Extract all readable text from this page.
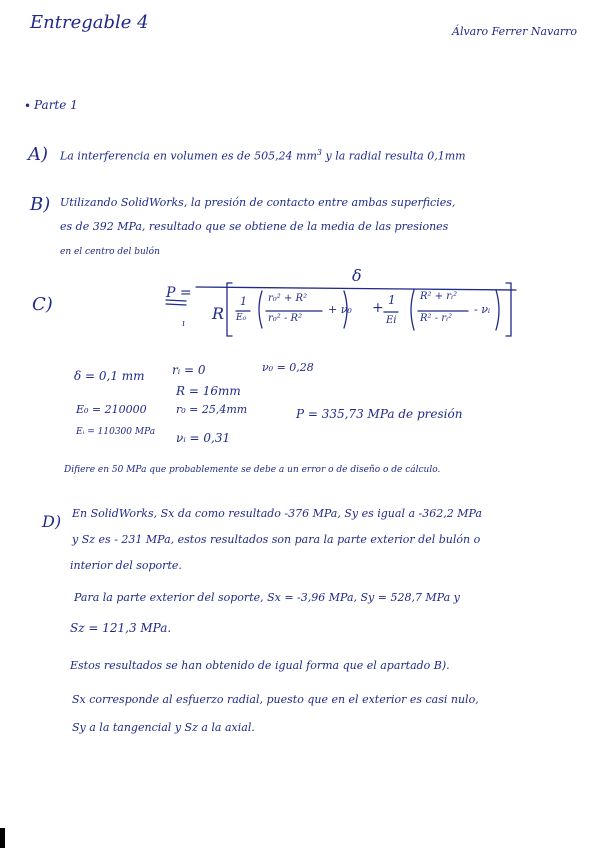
Entregable 4	Álvaro Ferrer Navarro
• Parte 1
A) La interferencia en volumen es de 505,24 $mm^3$ y la radial resulta 0,1mm
B) Utilizando SolidWorks, la presión de contacto entre ambas superficies,
es de 392 MPa, resultado que se obtiene de la media de las presiones
en el centro del bulón
C)
P =
δ
R
1
E₀
r₀² + R²
r₀² - R²
+ ν₀ + 1
Ei
R² + rᵢ²
R² - rᵢ²
- νᵢ
ı
δ = 0,1 mm rᵢ = 0	ν₀ = 0,28
R = 16mm
E₀ = 210000	r₀ = 25,4mm
Eᵢ = 110300 MPa νᵢ = 0,31
P = 335,73 MPa de presión
Difiere en 50 MPa que probablemente se debe a un error o de diseño o de cálculo.
D) En SolidWorks, Sx da como resultado -376 MPa, Sy es igual a -362,2 MPa
y Sz es - 231 MPa, estos resultados son para la parte exterior del bulón o
interior del soporte.
Para la parte exterior del soporte, Sx = -3,96 MPa, Sy = 528,7 MPa y
Sz = 121,3 MPa.
Estos resultados se han obtenido de igual forma que el apartado B).
Sx corresponde al esfuerzo radial, puesto que en el exterior es casi nulo,
Sy a la tangencial y Sz a la axial.
